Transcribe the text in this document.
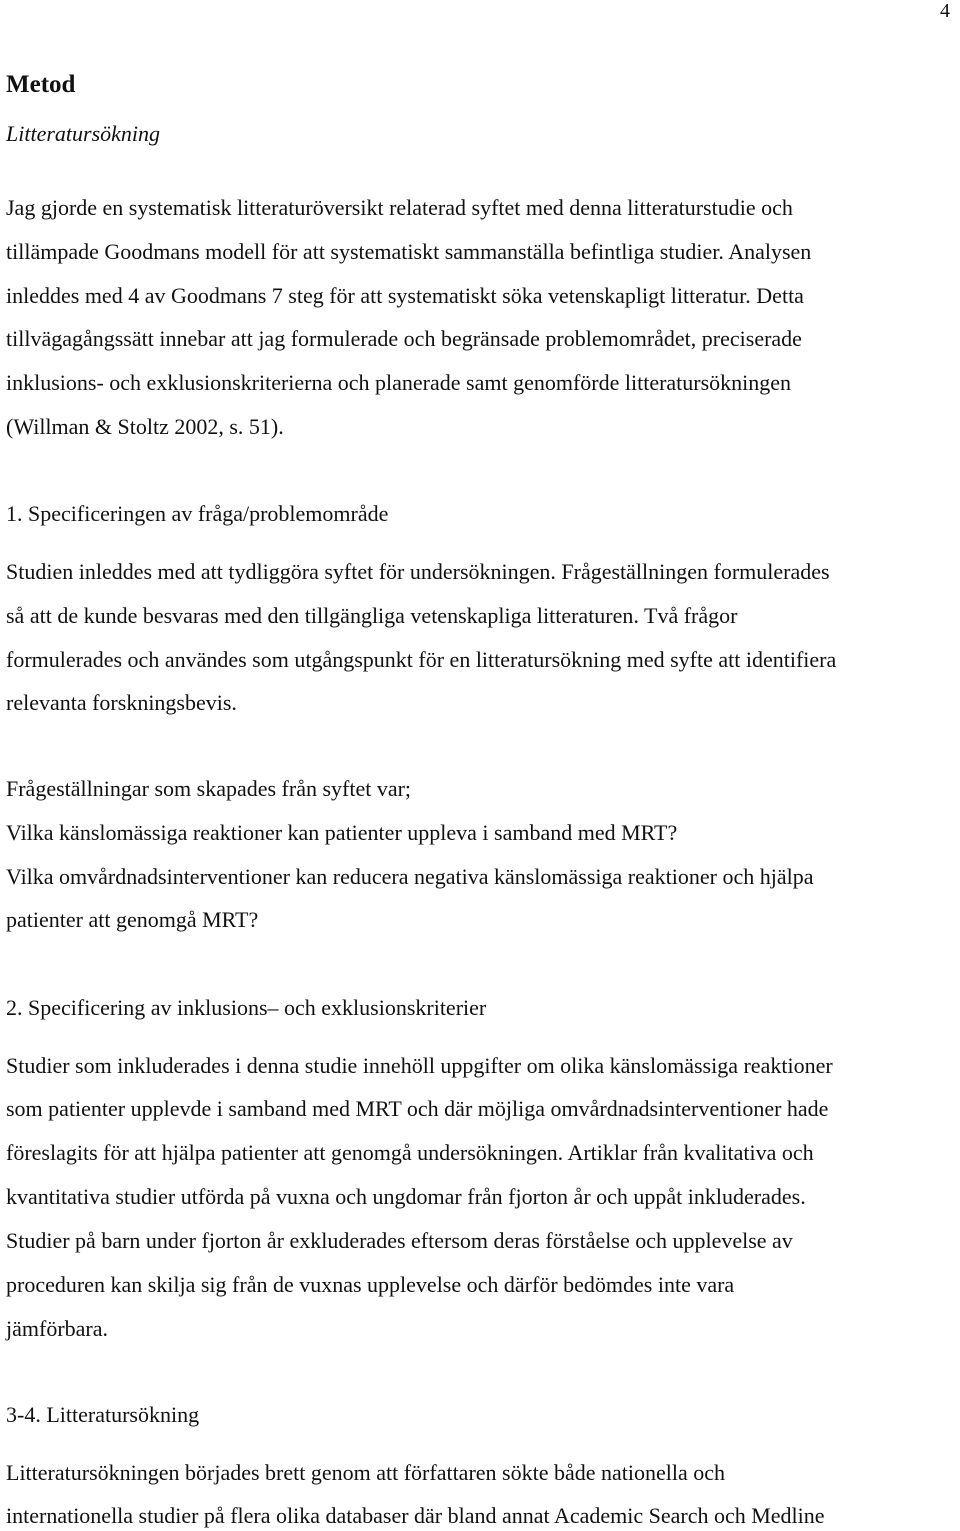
4
Metod
Litteratursökning
Jag gjorde en systematisk litteraturöversikt relaterad syftet med denna litteraturstudie och
tillämpade Goodmans modell för att systematiskt sammanställa befintliga studier. Analysen
inleddes med 4 av Goodmans 7 steg för att systematiskt söka vetenskapligt litteratur. Detta
tillvägagångssätt innebar att jag formulerade och begränsade problemområdet, preciserade
inklusions- och exklusionskriterierna och planerade samt genomförde litteratursökningen
(Willman & Stoltz 2002, s. 51).
1. Specificeringen av fråga/problemområde
Studien inleddes med att tydliggöra syftet för undersökningen. Frågeställningen formulerades
så att de kunde besvaras med den tillgängliga vetenskapliga litteraturen. Två frågor
formulerades och användes som utgångspunkt för en litteratursökning med syfte att identifiera
relevanta forskningsbevis.
Frågeställningar som skapades från syftet var;
Vilka känslomässiga reaktioner kan patienter uppleva i samband med MRT?
Vilka omvårdnadsinterventioner kan reducera negativa känslomässiga reaktioner och hjälpa
patienter att genomgå MRT?
2. Specificering av inklusions– och exklusionskriterier
Studier som inkluderades i denna studie innehöll uppgifter om olika känslomässiga reaktioner
som patienter upplevde i samband med MRT och där möjliga omvårdnadsinterventioner hade
föreslagits för att hjälpa patienter att genomgå undersökningen. Artiklar från kvalitativa och
kvantitativa studier utförda på vuxna och ungdomar från fjorton år och uppåt inkluderades.
Studier på barn under fjorton år exkluderades eftersom deras förståelse och upplevelse av
proceduren kan skilja sig från de vuxnas upplevelse och därför bedömdes inte vara
jämförbara.
3-4. Litteratursökning
Litteratursökningen börjades brett genom att författaren sökte både nationella och
internationella studier på flera olika databaser där bland annat Academic Search och Medline
